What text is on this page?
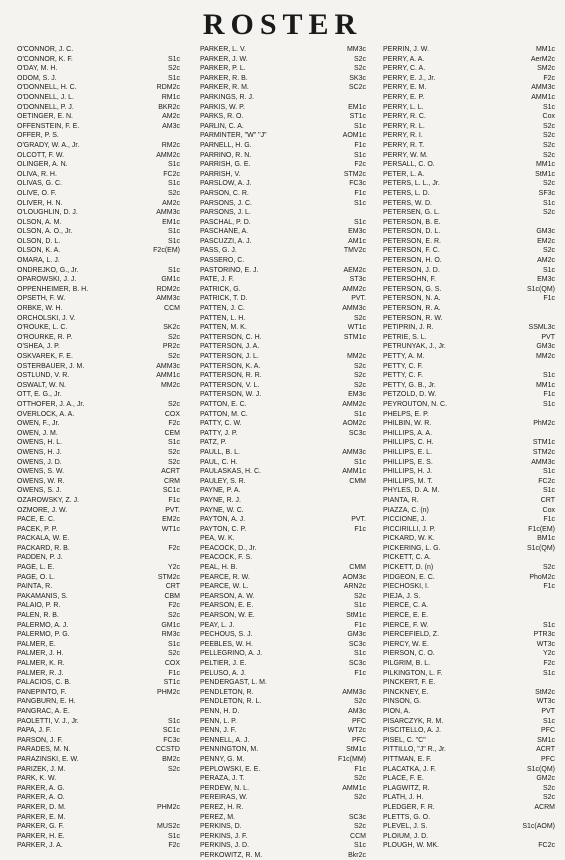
ROSTER
O'CONNOR, J. C.
O'CONNOR, K. F.	S1c
O'DAY, M. H.	S2c
ODOM, S. J.	S1c
O'DONNELL, H. C.	RDM2c
O'DONNELL, J. L.	RM1c
O'DONNELL, P. J.	BKR2c
OETINGER, E. N.	AM2c
OFFENSTEIN, F. E.	AM3c
OFFER, P. S.
O'GRADY, W. A., Jr.	RM2c
OLCOTT, F. W.	AMM2c
OLINGER, A. N.	S1c
OLIVA, R. H.	FC2c
OLIVAS, G. C.	S1c
OLIVE, O. F.	S2c
OLIVER, H. N.	AM2c
O'LOUGHLIN, D. J.	AMM3c
OLSON, A. M.	EM1c
OLSON, A. O., Jr.	S1c
OLSON, D. L.	S1c
OLSON, K. A.	F2c(EM)
OMARA, L. J.
ONDREJKO, G., Jr.	S1c
OPAROWSKI, J. J.	GM1c
OPPENHEIMER, B. H.	RDM2c
OPSETH, F. W.	AMM3c
ORBKE, W. H.	CCM
ORCHOLSKI, J. V.
O'ROUKE, L. C.	SK2c
O'ROURKE, R. P.	S2c
O'SHEA, J. P.	PR2c
OSKVAREK, F. E.	S2c
OSTERBAUER, J. M.	AMM3c
OSTLUND, V. R.	AMM1c
OSWALT, W. N.	MM2c
OTT, E. G., Jr.
OTTHOFER, J. A., Jr.	S2c
OVERLOCK, A. A.	COX
OWEN, F., Jr.	F2c
OWEN, J. M.	CEM
OWENS, H. L.	S1c
OWENS, H. J.	S2c
OWENS, J. D.	S2c
OWENS, S. W.	ACRT
OWENS, W. R.	CRM
OWENS, S. J.	SC1c
OZAROWSKY, Z. J.	F1c
OZMORE, J. W.	PVT.
PACE, E. C.	EM2c
PACEK, P. P.	WT1c
PACKALA, W. E.
PACKARD, R. B.	F2c
PADDEN, P. J.
PAGE, L. E.	Y2c
PAGE, O. L.	STM2c
PAINTA, R.	CRT
PAKAMANIS, S.	CBM
PALAIO, P. R.	F2c
PALEN, R. B.	S2c
PALERMO, A. J.	GM1c
PALERMO, P. G.	RM3c
PALMER, E.	S1c
PALMER, J. H.	S2c
PALMER, K. R.	COX
PALMER, R. J.	F1c
PALACIOS, C. B.	ST1c
PANEPINTO, F.	PHM2c
PANGBURN, E. H.
PANGRAC, A. E.
PAOLETTI, V. J., Jr.	S1c
PAPA, J. F.	SC1c
PARSON, J. F.	FC3c
PARADES, M. N.	CCSTD
PARAZINSKI, E. W.	BM2c
PARIZEK, J. M.	S2c
PARK, K. W.
PARKER, A. G.
PARKER, A. O.
PARKER, D. M.	PHM2c
PARKER, E. M.
PARKER, G. F.	MUS2c
PARKER, H. E.	S1c
PARKER, J. A.	F2c
PARKER, L. V.	MM3c
PARKER, J. W.	S2c
PARKER, P. L.	S2c
PARKER, R. B.	SK3c
PARKER, R. M.	SC2c
PARKINGS, R. J.
PARKIS, W. P.	EM1c
PARKS, R. O.	ST1c
PARLIN, C. A.	S1c
PARMINTER, "W" "J"	AOM1c
PARNELL, H. G.	F1c
PARRINO, R. N.	S1c
PARRISH, G. E.	F2c
PARRISH, V.	STM2c
PARSLOW, A. J.	FC3c
PARSON, C. R.	F1c
PARSONS, J. C.	S1c
PARSONS, J. L.
PASCHAL, P. D.	S1c
PASCHANE, A.	EM3c
PASCUZZI, A. J.	AM1c
PASS, G. J.	TMV2c
PASSERO, C.
PASTORINO, E. J.	AEM2c
PATE, J. F.	ST3c
PATRICK, G.	AMM2c
PATRICK, T. D.	PVT.
PATTEN, J. C.	AMM3c
PATTEN, L. H.	S2c
PATTEN, M. K.	WT1c
PATTERSON, C. H.	STM1c
PATTERSON, J. A.
PATTERSON, J. L.	MM2c
PATTERSON, K. A.	S2c
PATTERSON, R. R.	S2c
PATTERSON, V. L.	S2c
PATTERSON, W. J.	EM3c
PATTON, E. C.	AMM2c
PATTON, M. C.	S1c
PATTY, C. W.	AOM2c
PATTY, J. P.	SC3c
PATZ, P.
PAULL, B. L.	AMM3c
PAUL, C. H.	S1c
PAULASKAS, H. C.	AMM1c
PAULEY, S. R.	CMM
PAYNE, P. A.
PAYNE, R. J.
PAYNE, W. C.
PAYTON, A. J.	PVT.
PAYTON, C. P.	F1c
PEA, W. K.
PEACOCK, D., Jr.
PEACOCK, F. S.
PEAL, H. B.	CMM
PEARCE, R. W.	AOM3c
PEARCE, W. L.	ARN2c
PEARSON, A. W.	S2c
PEARSON, E. E.	S1c
PEARSON, W. E.	StM1c
PEAY, L. J.	F1c
PECHOUS, S. J.	GM3c
PEEBLES, W. H.	SC3c
PELLEGRINO, A. J.	S1c
PELTIER, J. E.	SC3c
PELUSO, A. J.	F1c
PENDERGAST, L. M.
PENDLETON, R.	AMM3c
PENDLETON, R. L.	S2c
PENN, H. D.	AM3c
PENN, L. P.	PFC
PENN, J. F.	WT2c
PENNELL, A. J.	PFC
PENNINGTON, M.	StM1c
PENNY, G. M.	F1c(MM)
PEPLOWSKI, E. E.	F1c
PERAZA, J. T.	S2c
PERDEW, N. L.	AMM1c
PEREIRAS, W.	S2c
PEREZ, H. R.
PEREZ, M.	SC3c
PERKINS, D.	S2c
PERKINS, J. F.	CCM
PERKINS, J. D.	S1c
PERKOWITZ, R. M.	Bkr2c
PERRIN, J. W.	MM1c
PERRY, A. A.	AerM2c
PERRY, C. A.	SM2c
PERRY, E. J., Jr.	F2c
PERRY, E. M.	AMM3c
PERRY, E. P.	AMM1c
PERRY, L. L.	S1c
PERRY, R. C.	Cox
PERRY, R. L.	S2c
PERRY, R. I.	S2c
PERRY, R. T.	S2c
PERRY, W. M.	S2c
PERSALL, C. O.	MM1c
PETER, L. A.	StM1c
PETERS, L. L., Jr.	S2c
PETERS, L. D.	SF3c
PETERS, W. D.	S1c
PETERSEN, G. L.	S2c
PETERSON, B. E.
PETERSON, D. L.	GM3c
PETERSON, E. R.	EM2c
PETERSON, F. C.	S2c
PETERSON, H. O.	AM2c
PETERSON, J. D.	S1c
PETERSOHN, F.	EM3c
PETERSON, G. S.	S1c(QM)
PETERSON, N. A.	F1c
PETERSON, R. A.
PETERSON, R. W.
PETIPRIN, J. R.	SSML3c
PETRIE, S. L.	PVT
PETRUNYAK, J., Jr.	GM3c
PETTY, A. M.	MM2c
PETTY, C. F.
PETTY, C. F.	S1c
PETTY, G. B., Jr.	MM1c
PETZOLD, D. W.	F1c
PEYROUTON, N. C.	S1c
PHELPS, E. P.
PHILBIN, W. R.	PhM2c
PHILLIPS, A. A.
PHILLIPS, C. H.	STM1c
PHILLIPS, E. L.	STM2c
PHILLIPS, E. S.	AMM3c
PHILLIPS, H. J.	S1c
PHILLIPS, M. T.	FC2c
PHYLES, D. A. M.	S1c
PIANTA, R.	CRT
PIAZZA, C. (n)	Cox
PICCIONE, J.	F1c
PICCIRILLI, J. P.	F1c(EM)
PICKARD, W. K.	BM1c
PICKERING, L. G.	S1c(QM)
PICKETT, C. A.
PICKETT, D. (n)	S2c
PIDGEON, E. C.	PhoM2c
PIECHOSKI, I.	F1c
PIEJA, J. S.
PIERCE, C. A.
PIERCE, E. E.
PIERCE, F. W.	S1c
PIERCEFIELD, Z.	PTR3c
PIERCY, W. E.	WT3c
PIERSON, C. O.	Y2c
PILGRIM, B. L.	F2c
PILKINGTON, L. F.	S1c
PINCKERT, F. E.
PINCKNEY, E.	StM2c
PINSON, G.	WT3c
PION, A.	PVT
PISARCZYK, R. M.	S1c
PISCITELLO, A. J.	PFC
PISEL, C. "C"	SM1c
PITTILLO, "J" R., Jr.	ACRT
PITTMAN, E. F.	PFC
PLACATKA, J. F.	S1c(QM)
PLACE, F. E.	GM2c
PLAGWITZ, R.	S2c
PLATH, J. H.	S2c
PLEDGER, F. R.	ACRM
PLETTS, G. O.
PLEVEL, J. S.	S1c(AOM)
PLOIUM, J. D.
PLOUGH, W. MK.	FC2c
